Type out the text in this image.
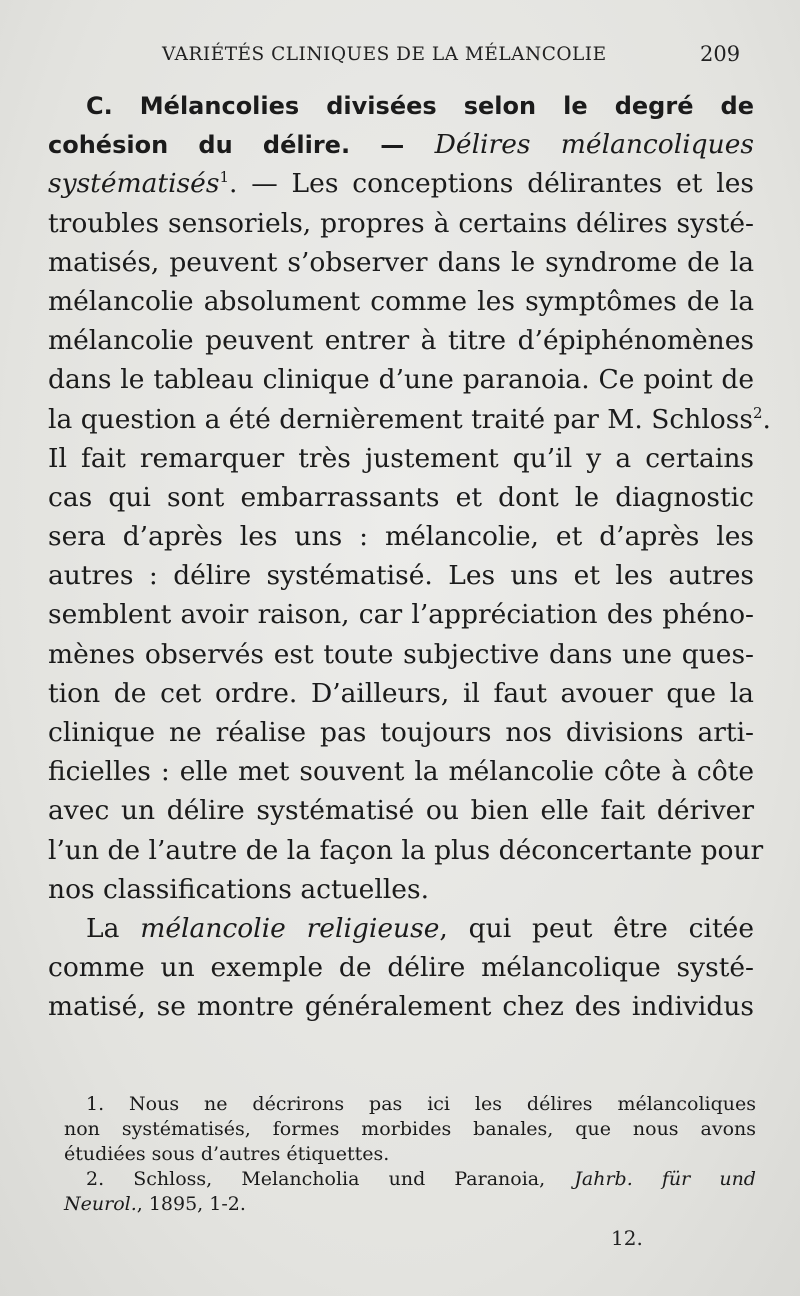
VARIÉTÉS CLINIQUES DE LA MÉLANCOLIE	209
C. Mélancolies divisées selon le degré de
cohésion du délire. — Délires mélancoliques
systématisés$^1$. — Les conceptions délirantes et les
troubles sensoriels, propres à certains délires systé-
matisés, peuvent s’observer dans le syndrome de la
mélancolie absolument comme les symptômes de la
mélancolie peuvent entrer à titre d’épiphénomènes
dans le tableau clinique d’une paranoia. Ce point de
la question a été dernièrement traité par M. Schloss$^2$.
Il fait remarquer très justement qu’il y a certains
cas qui sont embarrassants et dont le diagnostic
sera d’après les uns : mélancolie, et d’après les
autres : délire systématisé. Les uns et les autres
semblent avoir raison, car l’appréciation des phéno-
mènes observés est toute subjective dans une ques-
tion de cet ordre. D’ailleurs, il faut avouer que la
clinique ne réalise pas toujours nos divisions arti-
ficielles : elle met souvent la mélancolie côte à côte
avec un délire systématisé ou bien elle fait dériver
l’un de l’autre de la façon la plus déconcertante pour
nos classifications actuelles.
La mélancolie religieuse, qui peut être citée
comme un exemple de délire mélancolique systé-
matisé, se montre généralement chez des individus
1. Nous ne décrirons pas ici les délires mélancoliques
non systématisés, formes morbides banales, que nous avons
étudiées sous d’autres étiquettes.
2. Schloss, Melancholia und Paranoia, Jahrb. für und
Neurol., 1895, 1-2.
12.
